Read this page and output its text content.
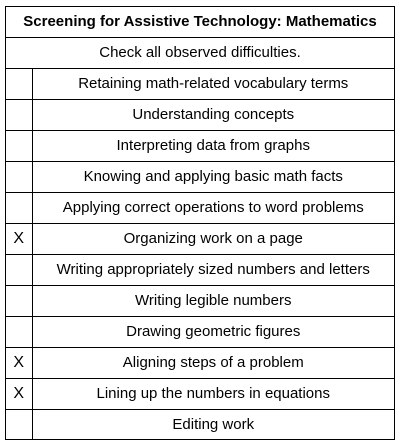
Screening for Assistive Technology: Mathematics	
Check all observed difficulties.	
	Retaining math-related vocabulary terms
	Understanding concepts
	Interpreting data from graphs
	Knowing and applying basic math facts
	Applying correct operations to word problems
X	Organizing work on a page
	Writing appropriately sized numbers and letters
	Writing legible numbers
	Drawing geometric figures
X	Aligning steps of a problem
X	Lining up the numbers in equations
	Editing work
